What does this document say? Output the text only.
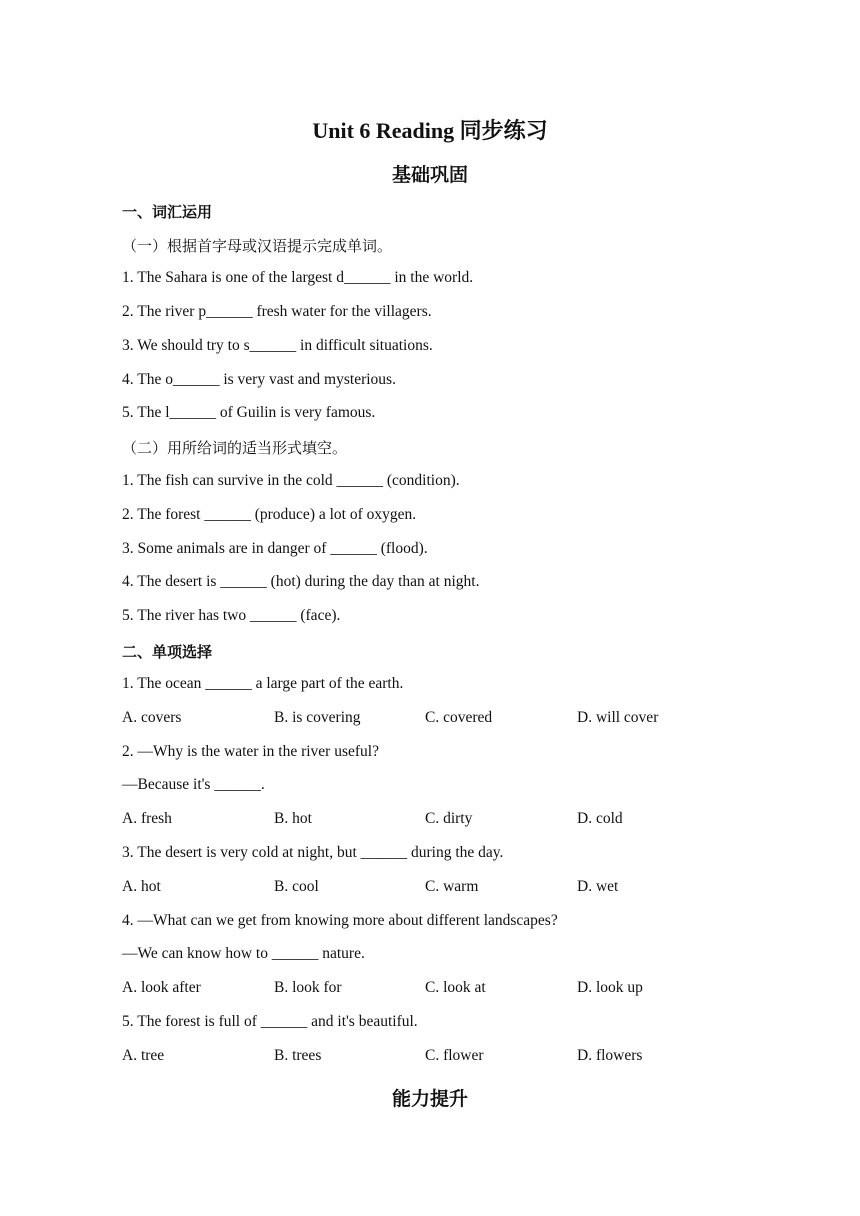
Unit 6 Reading 同步练习
基础巩固
一、词汇运用
（一）根据首字母或汉语提示完成单词。
1. The Sahara is one of the largest d______ in the world.
2. The river p______ fresh water for the villagers.
3. We should try to s______ in difficult situations.
4. The o______ is very vast and mysterious.
5. The l______ of Guilin is very famous.
（二）用所给词的适当形式填空。
1. The fish can survive in the cold ______ (condition).
2. The forest ______ (produce) a lot of oxygen.
3. Some animals are in danger of ______ (flood).
4. The desert is ______ (hot) during the day than at night.
5. The river has two ______ (face).
二、单项选择
1. The ocean ______ a large part of the earth.
A. covers	B. is covering	C. covered	D. will cover
2. —Why is the water in the river useful?
—Because it's ______.
A. fresh	B. hot	C. dirty	D. cold
3. The desert is very cold at night, but ______ during the day.
A. hot	B. cool	C. warm	D. wet
4. —What can we get from knowing more about different landscapes?
—We can know how to ______ nature.
A. look after	B. look for	C. look at	D. look up
5. The forest is full of ______ and it's beautiful.
A. tree	B. trees	C. flower	D. flowers
能力提升
